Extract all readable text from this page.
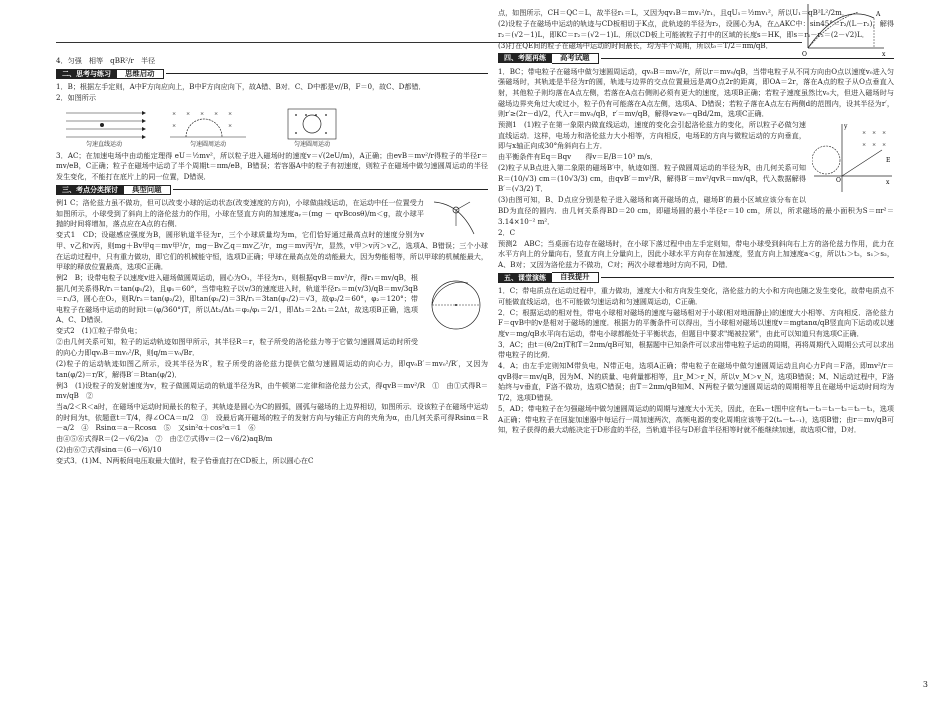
O
A
x

4．匀强　相等　qBR²/r　半径

二、思考与练习	思维启动

1．B；根据左手定则，A中F方向应向上，B中F方向应向下，故A错、B对．C、D中都是v//B，F＝0，故C、D都错．

2．如图所示

匀速直线运动
× × × × ×
×	×
匀速圆周运动	匀速圆周运动

3．AC；在加速电场中由动能定理得 eU＝½mv²，所以粒子进入磁场时的速度v＝√(2eU/m)，A正确；由evB＝mv²/r得粒子的半径r＝mv/eB，C正确；粒子在磁场中运动了半个周期t＝πm/eB，B错误；若容器A中的粒子有初速度，则粒子在磁场中做匀速圆周运动的半径发生变化，不能打在底片上的同一位置，D错误．

三、考点分类探讨	典型问题

例1 C；洛伦兹力虽不做功，但可以改变小球的运动状态(改变速度的方向)，小球做曲线运动，在运动中任一位置受力如图所示，小球受到了斜向上的洛伦兹力的作用，小球在竖直方向的加速度aᵧ＝(mg － qvBcosθ)/m＜g，故小球平抛的时间将增加，落点应在A点的右侧．

变式1　CD；设磁感应强度为B，圆形轨道半径为r，三个小球质量均为m，它们恰好通过最高点时的速度分别为v甲、v乙和v丙，则mg＋Bv甲q＝mv甲²/r，mg－Bv乙q＝mv乙²/r，mg＝mv丙²/r，显然，v甲＞v丙＞v乙，选项A、B错误；三个小球在运动过程中，只有重力做功，即它们的机械能守恒，选项D正确；甲球在最高点处的动能最大，因为势能相等，所以甲球的机械能最大，甲球的释放位置最高，选项C正确．

例2　B；设带电粒子以速度v进入磁场做圆周运动，圆心为O₁，半径为r₁，则根据qvB＝mv²/r，得r₁＝mv/qB，根据几何关系得R/r₁＝tan(φ₁/2)，且φ₁＝60°，当带电粒子以v/3的速度进入时，轨道半径r₂＝m(v/3)/qB＝mv/3qB＝r₁/3，圆心在O₂，则R/r₂＝tan(φ₂/2)，即tan(φ₂/2)＝3R/r₁＝3tan(φ₁/2)＝√3，故φ₂/2＝60°，φ₂＝120°；带电粒子在磁场中运动的时间t＝(φ/360°)T，所以Δt₂/Δt₁＝φ₂/φ₁＝2/1，即Δt₂＝2Δt₁＝2Δt，故选项B正确，选项A、C、D错误．

变式2　(1)①粒子带负电；

②由几何关系可知，粒子的运动轨迹如图甲所示，其半径R＝r，粒子所受的洛伦兹力等于它做匀速圆周运动时所受的向心力即qv₀B＝mv₀²/R，则q/m＝v₀/Br．

(2)粒子的运动轨迹如图乙所示，设其半径为R′，粒子所受的洛伦兹力提供它做匀速圆周运动的向心力，即qv₀B′＝mv₀²/R′，又因为tan(φ/2)＝r/R′，解得B′＝Btan(φ/2)．

例3　(1)设粒子的发射速度为v，粒子做圆周运动的轨道半径为R，由牛顿第二定律和洛伦兹力公式，得qvB＝mv²/R　①　由①式得R＝mv/qB　②

当a/2＜R＜a时，在磁场中运动时间最长的粒子，其轨迹是圆心为C的圆弧，圆弧与磁场的上边界相切，如图所示．设该粒子在磁场中运动的时间为t，依题意t＝T/4，得∠OCA＝π/2　③　设最后离开磁场的粒子的发射方向与y轴正方向的夹角为α，由几何关系可得Rsinα＝R－a/2　④　Rsinα＝a－Rcosα　⑤　又sin²α＋cos²α＝1　⑥

由④⑤⑥式得R＝(2－√6/2)a　⑦　由②⑦式得v＝(2－√6/2)aqB/m

(2)由⑥⑦式得sinα＝(6－√6)/10

变式3．(1)M、N两板间电压取最大值时，粒子恰垂直打在CD板上，所以圆心在C

点，如图所示，CH＝QC＝L，故半径r₁＝L，又因为qv₁B＝mv₁²/r₁，且qU₁＝½mv₁²，所以U₁＝qB²L²/2m．

(2)设粒子在磁场中运动的轨迹与CD板相切于K点，此轨迹的半径为r₂，设圆心为A，在△AKC中：sin45°＝r₂/(L－r₂)，解得r₂＝(√2－1)L，即KC＝r₂＝(√2－1)L．所以CD板上可能被粒子打中的区域的长度s＝HK，即s＝r₁－r₂＝(2－√2)L．

(3)打在QE间的粒子在磁场中运动的时间最长，均为半个周期，所以t₀＝T/2＝πm/qB．

四、考题再练	高考试题

1．BC；带电粒子在磁场中做匀速圆周运动，qv₀B＝mv₀²/r，所以r＝mv₀/qB，当带电粒子从不同方向由O点以速度v₀进入匀强磁场时，其轨迹是半径为r的圆，轨迹与边界的交点位置最远是离O点2r的距离，即OA＝2r，落在A点的粒子从O点垂直入射，其他粒子则均落在A点左侧，若落在A点右侧则必须有更大的速度，选项B正确；若粒子速度虽然比v₀大，但进入磁场时与磁场边界夹角过大或过小，粒子仍有可能落在A点左侧，选项A、D错误；若粒子落在A点左右两侧d的范围内，设其半径为r′，则r′≥(2r－d)/2，代入r＝mv₀/qB，r′＝mv/qB，解得v≥v₀－qBd/2m，选项C正确．

× × ×
× × ×
y
x
E
O

预测1　(1)粒子在第一象限内做直线运动，速度的变化会引起洛伦兹力的变化，所以粒子必做匀速直线运动．这样，电场力和洛伦兹力大小相等，方向相反，电场E的方向与微粒运动的方向垂直，即与x轴正向成30°角斜向右上方．

由平衡条件有Eq＝Bqv　　得v＝E/B＝10³ m/s．

(2)粒子从B点进入第二象限的磁场B′中，轨迹如图．粒子做圆周运动的半径为R，由几何关系可知R＝(10/√3) cm＝(10√3/3) cm，由qvB′＝mv²/R，解得B′＝mv²/qvR＝mv/qR，代入数据解得B′＝(√3/2) T．

(3)由图可知，B、D点应分别是粒子进入磁场和离开磁场的点，磁场B′的最小区域应该分布在以BD为直径的圆内．由几何关系得BD＝20 cm，即磁场圆的最小半径r＝10 cm，所以，所求磁场的最小面积为S＝πr²＝3.14×10⁻² m²．

2．C

预测2　ABC；当桌面右边存在磁场时，在小球下落过程中由左手定则知，带电小球受到斜向右上方的洛伦兹力作用，此力在水平方向上的分量向右，竖直方向上分量向上，因此小球水平方向存在加速度，竖直方向上加速度a＜g，所以t₁＞t₂，s₁＞s₂，A、B对；又因为洛伦兹力不做功，C对；两次小球着地时方向不同，D错．

五、课堂演练	自我提升

1．C；带电质点在运动过程中，重力做功，速度大小和方向发生变化，洛伦兹力的大小和方向也随之发生变化，故带电质点不可能做直线运动，也不可能做匀速运动和匀速圆周运动，C正确．

2．C；根据运动的相对性，带电小球相对磁场的速度与磁场相对于小球(相对地面静止)的速度大小相等、方向相反．洛伦兹力F＝qvB中的v是相对于磁场的速度．根据力的平衡条件可以得出，当小球相对磁场以速度v＝mgtanα/qB竖直向下运动或以速度v＝mg/qB水平向右运动，带电小球都能处于平衡状态，但题目中要求"绳被拉紧"，由此可以知道只有选项C正确．

3．AC；由t＝(θ/2π)T和T＝2πm/qB可知，根据题中已知条件可以求出带电粒子运动的周期，再将周期代入周期公式可以求出带电粒子的比荷．

4．A；由左手定则知M带负电，N带正电，选项A正确；带电粒子在磁场中做匀速圆周运动且向心力F向＝F洛，即mv²/r＝qvB得r＝mv/qB，因为M、N的质量、电荷量都相等，且r_M＞r_N，所以v_M＞v_N，选项B错误；M、N运动过程中，F洛始终与v垂直，F洛不做功，选项C错误；由T＝2πm/qB知M、N两粒子做匀速圆周运动的周期相等且在磁场中运动时间均为T/2，选项D错误．

5．AD；带电粒子在匀强磁场中做匀速圆周运动的周期与速度大小无关，因此，在Eₖ－t图中应有t₄－t₃＝t₃－t₂＝t₂－t₁，选项A正确；带电粒子在回旋加速器中每运行一周加速两次，高频电源的变化周期应该等于2(tₙ－tₙ₋₁)，选项B错；由r＝mv/qB可知，粒子获得的最大动能决定于D形盒的半径，当轨道半径与D形盒半径相等时就不能继续加速，故选项C错，D对．

3
